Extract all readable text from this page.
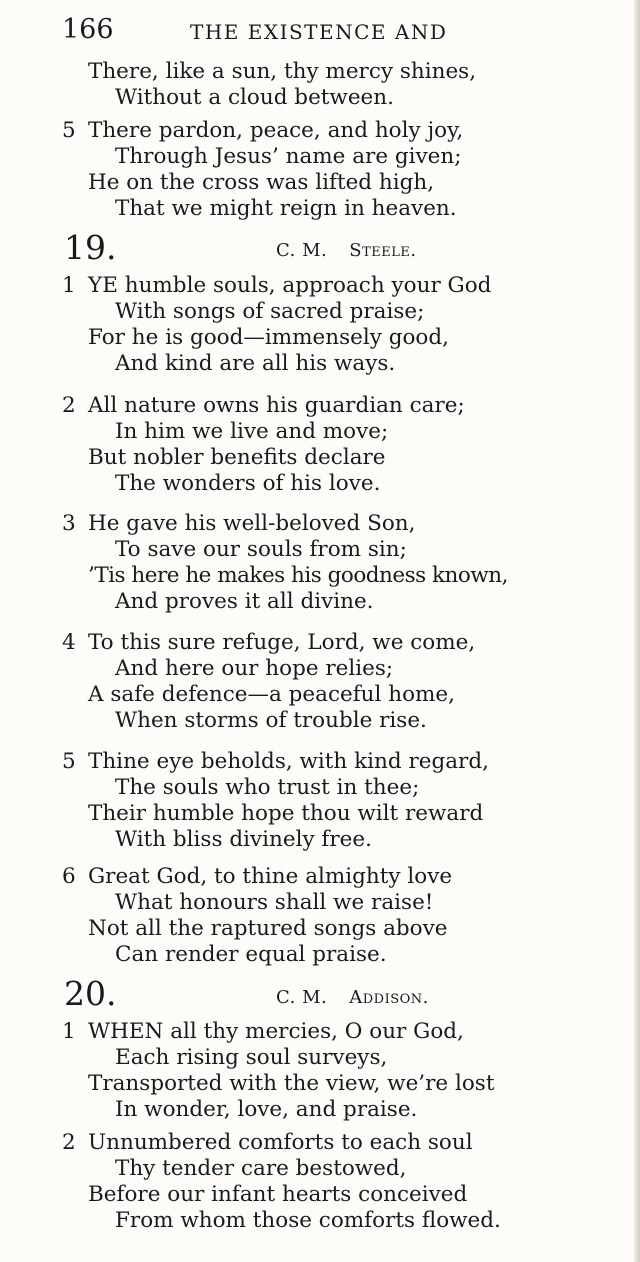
166	THE EXISTENCE AND
There, like a sun, thy mercy shines,
Without a cloud between.
5 There pardon, peace, and holy joy,
Through Jesus’ name are given;
He on the cross was lifted high,
That we might reign in heaven.
19.	C. M. Steele.
1 YE humble souls, approach your God
With songs of sacred praise;
For he is good—immensely good,
And kind are all his ways.
2 All nature owns his guardian care;
In him we live and move;
But nobler benefits declare
The wonders of his love.
3 He gave his well-beloved Son,
To save our souls from sin;
’Tis here he makes his goodness known,
And proves it all divine.
4 To this sure refuge, Lord, we come,
And here our hope relies;
A safe defence—a peaceful home,
When storms of trouble rise.
5 Thine eye beholds, with kind regard,
The souls who trust in thee;
Their humble hope thou wilt reward
With bliss divinely free.
6 Great God, to thine almighty love
What honours shall we raise!
Not all the raptured songs above
Can render equal praise.
20.	C. M. Addison.
1 WHEN all thy mercies, O our God,
Each rising soul surveys,
Transported with the view, we’re lost
In wonder, love, and praise.
2 Unnumbered comforts to each soul
Thy tender care bestowed,
Before our infant hearts conceived
From whom those comforts flowed.
